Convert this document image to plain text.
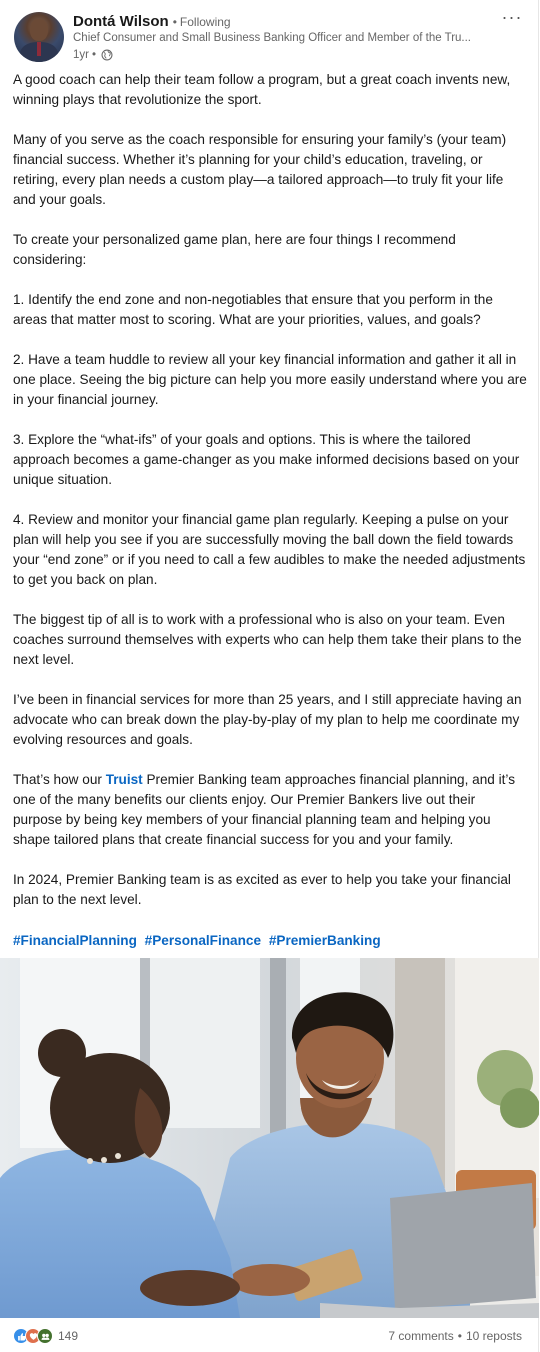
Dontá Wilson • Following
Chief Consumer and Small Business Banking Officer and Member of the Tru...
1yr •
···

A good coach can help their team follow a program, but a great coach invents new, winning plays that revolutionize the sport.

Many of you serve as the coach responsible for ensuring your family’s (your team) financial success. Whether it’s planning for your child’s education, traveling, or retiring, every plan needs a custom play—a tailored approach—to truly fit your life and your goals.

To create your personalized game plan, here are four things I recommend considering:

1. Identify the end zone and non-negotiables that ensure that you perform in the areas that matter most to scoring. What are your priorities, values, and goals?

2. Have a team huddle to review all your key financial information and gather it all in one place. Seeing the big picture can help you more easily understand where you are in your financial journey.

3. Explore the “what-ifs” of your goals and options. This is where the tailored approach becomes a game-changer as you make informed decisions based on your unique situation.

4. Review and monitor your financial game plan regularly. Keeping a pulse on your plan will help you see if you are successfully moving the ball down the field towards your “end zone” or if you need to call a few audibles to make the needed adjustments to get you back on plan.

The biggest tip of all is to work with a professional who is also on your team. Even coaches surround themselves with experts who can help them take their plans to the next level.

I’ve been in financial services for more than 25 years, and I still appreciate having an advocate who can break down the play-by-play of my plan to help me coordinate my evolving resources and goals.

That’s how our Truist Premier Banking team approaches financial planning, and it’s one of the many benefits our clients enjoy. Our Premier Bankers live out their purpose by being key members of your financial planning team and helping you shape tailored plans that create financial success for you and your family.

In 2024, Premier Banking team is as excited as ever to help you take your financial plan to the next level.

#FinancialPlanning #PersonalFinance #PremierBanking
149	7 comments • 10 reposts
